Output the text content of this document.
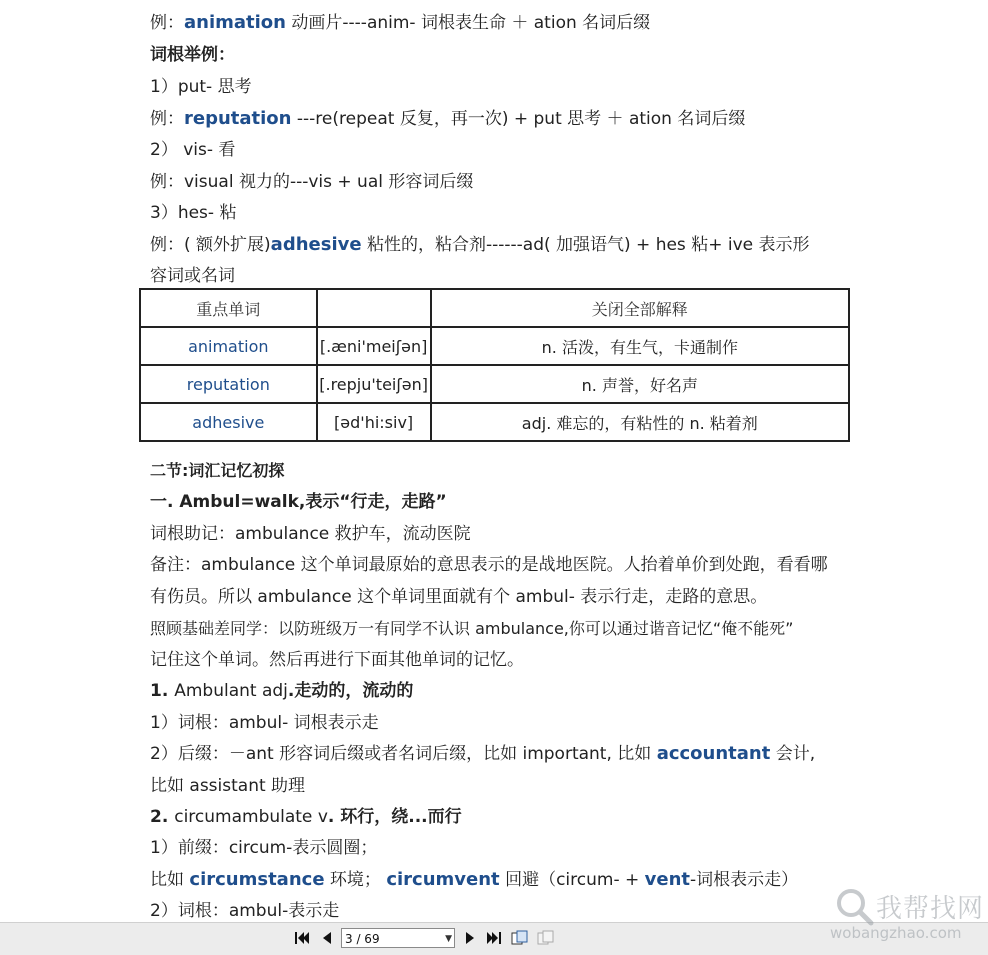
例：animation 动画片----anim- 词根表生命 ＋ ation 名词后缀
词根举例：
1）put- 思考
例：reputation ---re(repeat 反复，再一次) + put 思考 ＋ ation 名词后缀
2） vis- 看
例：visual 视力的---vis + ual 形容词后缀
3）hes- 粘
例：( 额外扩展)adhesive 粘性的，粘合剂------ad( 加强语气) + hes 粘+ ive 表示形
容词或名词
重点单词		关闭全部解释
animation	[.æni'meiʃən]	n. 活泼，有生气，卡通制作
reputation	[.repju'teiʃən]	n. 声誉，好名声
adhesive	[əd'hi:siv]	adj. 难忘的，有粘性的 n. 粘着剂
二节:词汇记忆初探
一. Ambul=walk,表示“行走，走路”
词根助记：ambulance 救护车，流动医院
备注：ambulance 这个单词最原始的意思表示的是战地医院。人抬着单价到处跑，看看哪
有伤员。所以 ambulance 这个单词里面就有个 ambul- 表示行走，走路的意思。
照顾基础差同学：以防班级万一有同学不认识 ambulance,你可以通过谐音记忆“俺不能死”
记住这个单词。然后再进行下面其他单词的记忆。
1. Ambulant adj.走动的，流动的
1）词根：ambul- 词根表示走
2）后缀：－ant 形容词后缀或者名词后缀，比如 important, 比如 accountant 会计,
比如 assistant 助理
2. circumambulate v. 环行，绕...而行
1）前缀：circum-表示圆圈；
比如 circumstance 环境； circumvent 回避（circum- + vent-词根表示走）
2）词根：ambul-表示走
3 / 69	▼
我帮找网
wobangzhao.com
